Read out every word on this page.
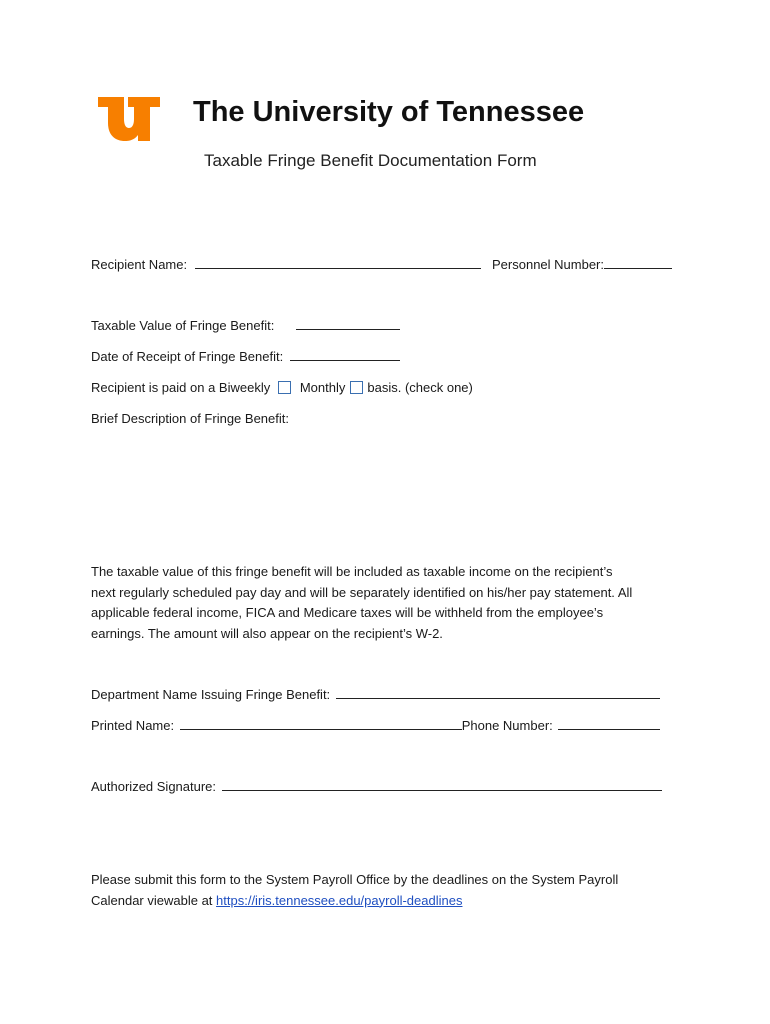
The University of Tennessee
Taxable Fringe Benefit Documentation Form
Recipient Name:	Personnel Number:
Taxable Value of Fringe Benefit:
Date of Receipt of Fringe Benefit:
Recipient is paid on a Biweekly Monthly basis. (check one)
Brief Description of Fringe Benefit:

The taxable value of this fringe benefit will be included as taxable income on the recipient’s

next regularly scheduled pay day and will be separately identified on his/her pay statement. All

applicable federal income, FICA and Medicare taxes will be withheld from the employee’s

earnings. The amount will also appear on the recipient’s W-2.

Department Name Issuing Fringe Benefit:
Printed Name:	Phone Number:
Authorized Signature:

Please submit this form to the System Payroll Office by the deadlines on the System Payroll

Calendar viewable at https://iris.tennessee.edu/payroll-deadlines
